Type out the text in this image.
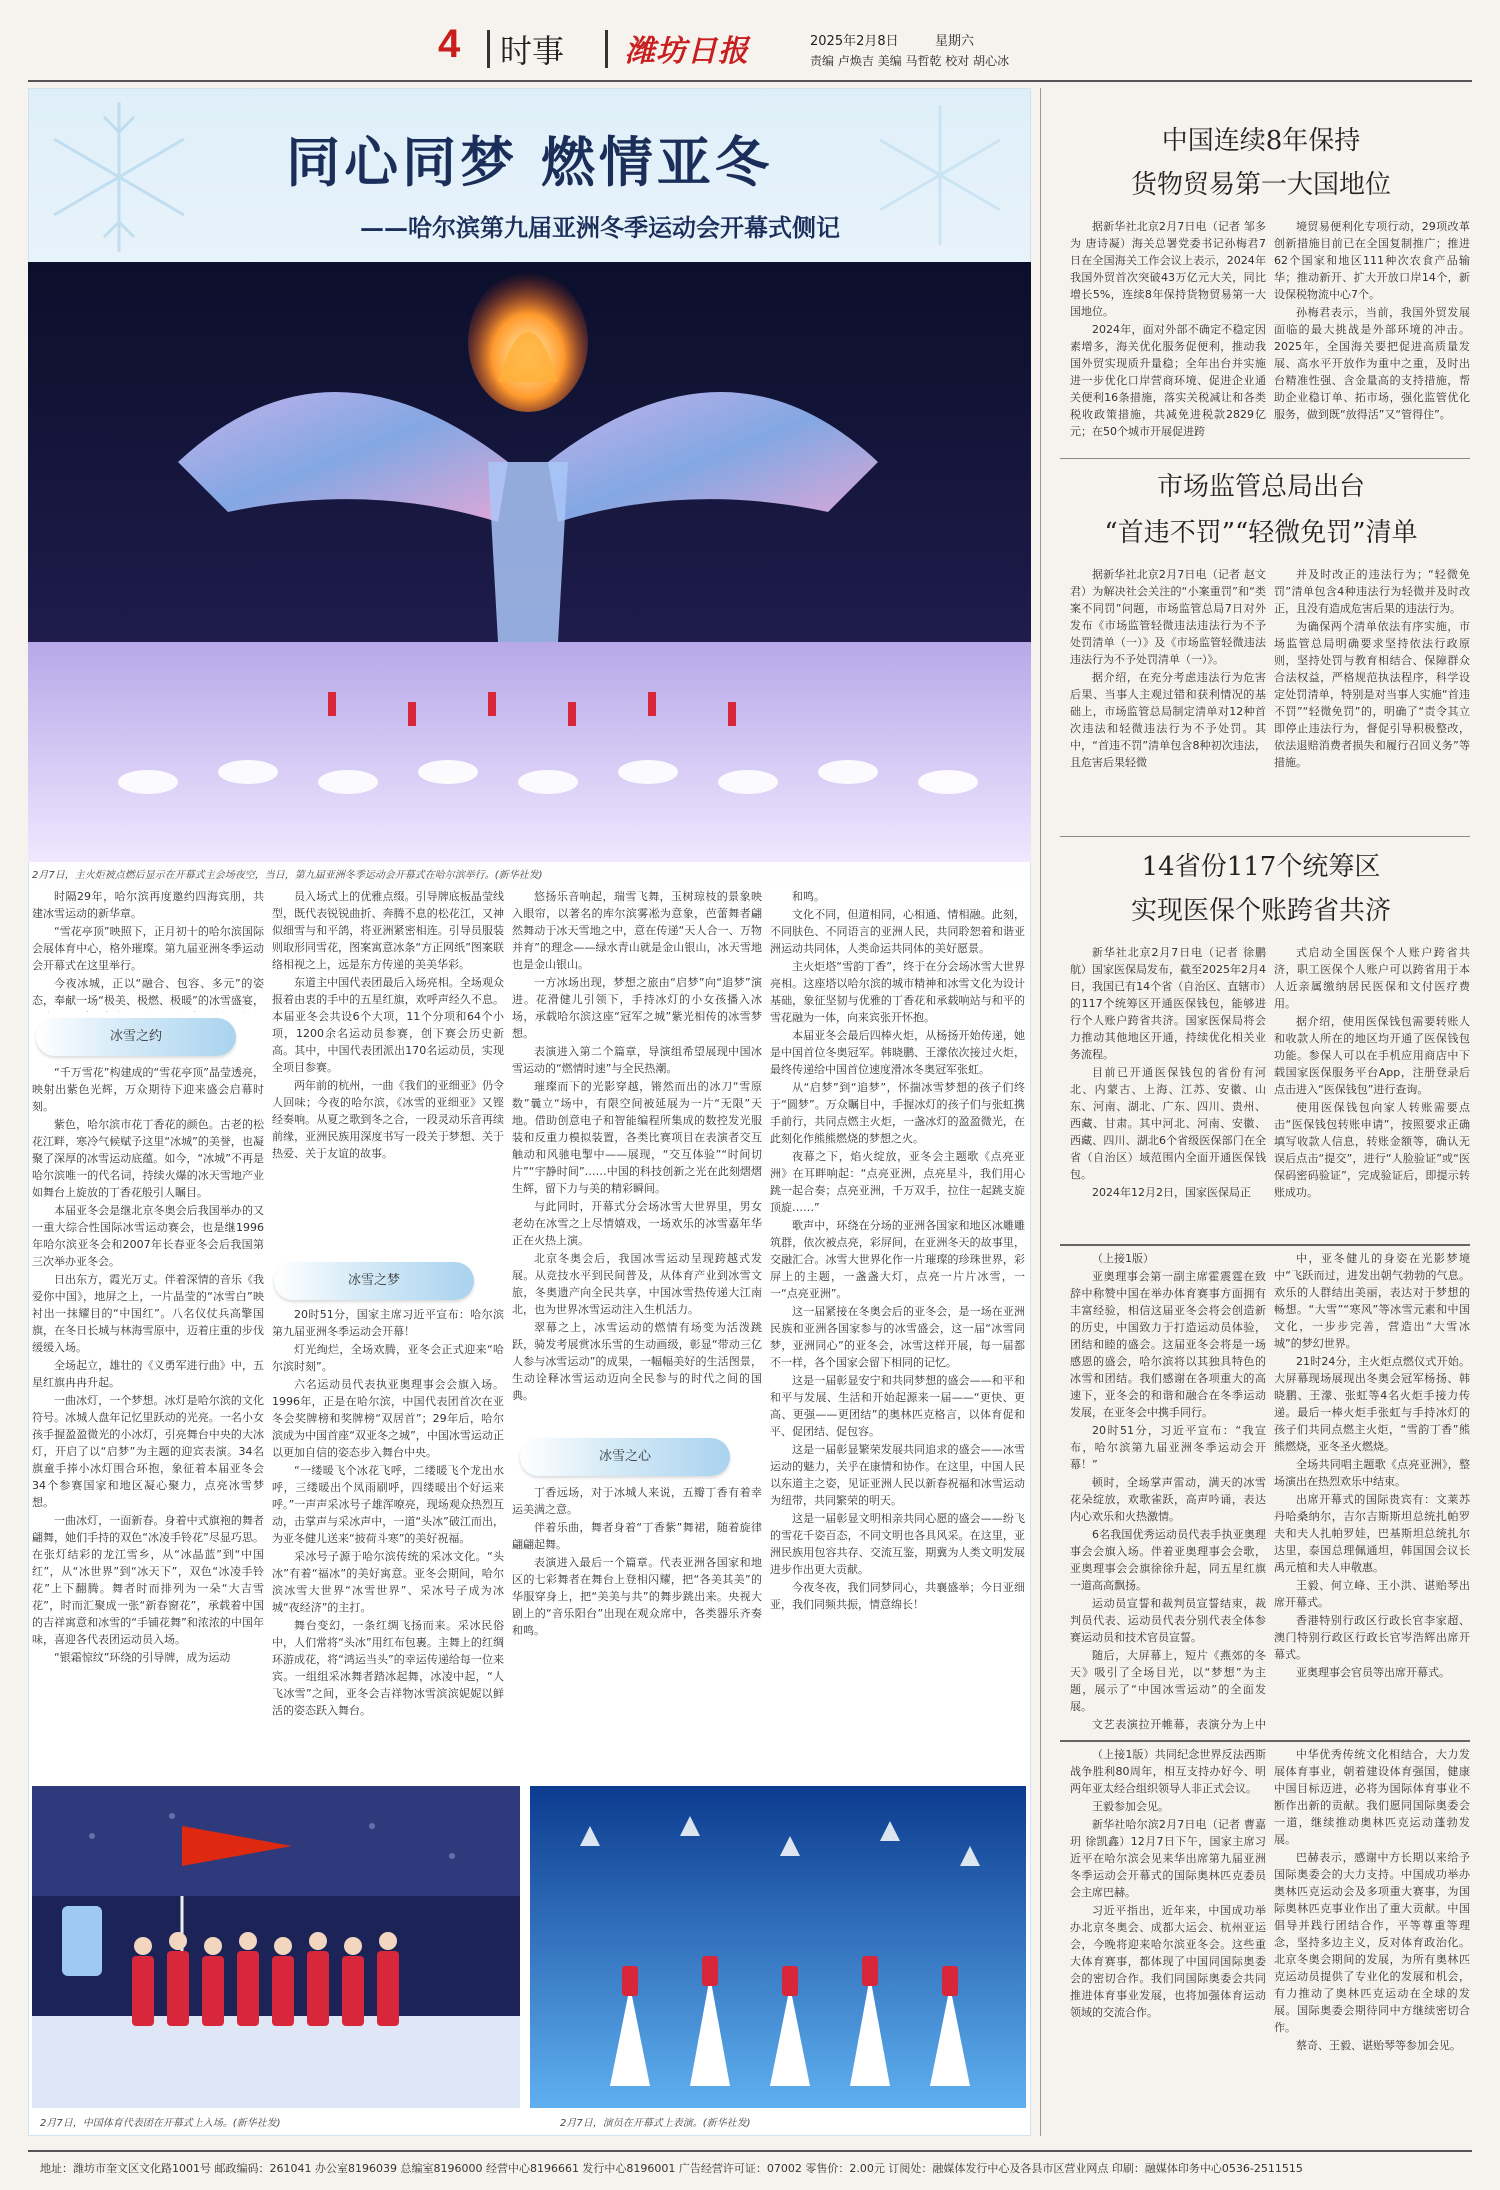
4 时事 潍坊日报	2025年2月8日	星期六
责编 卢焕吉 美编 马哲乾 校对 胡心冰
同心同梦 燃情亚冬
——哈尔滨第九届亚洲冬季运动会开幕式侧记
2月7日，主火炬被点燃后显示在开幕式主会场夜空，当日，第九届亚洲冬季运动会开幕式在哈尔滨举行。(新华社发)

时隔29年，哈尔滨再度邀约四海宾朋，共建冰雪运动的新华章。

“雪花亭顶”映照下，正月初十的哈尔滨国际会展体育中心，格外璀璨。第九届亚洲冬季运动会开幕式在这里举行。

今夜冰城，正以“融合、包容、多元”的姿态，奉献一场“极美、极燃、极暖”的冰雪盛宴，

冰雪之约

“千万雪花”构建成的“雪花亭顶”晶莹透亮，映射出紫色光辉，万众期待下迎来盛会启幕时刻。

紫色，哈尔滨市花丁香花的颜色。古老的松花江畔，寒冷气候赋予这里“冰城”的美誉，也凝聚了深厚的冰雪运动底蕴。如今，“冰城”不再是哈尔滨唯一的代名词，持续火爆的冰天雪地产业如舞台上旋放的丁香花般引人瞩目。

本届亚冬会是继北京冬奥会后我国举办的又一重大综合性国际冰雪运动赛会，也是继1996年哈尔滨亚冬会和2007年长春亚冬会后我国第三次举办亚冬会。

日出东方，霞光万丈。伴着深情的音乐《我爱你中国》，地屏之上，一片晶莹的“冰雪白”映衬出一抹耀目的“中国红”。八名仪仗兵高擎国旗，在冬日长城与林海雪原中，迈着庄重的步伐缓缓入场。

全场起立，雄壮的《义勇军进行曲》中，五星红旗冉冉升起。

一曲冰灯，一个梦想。冰灯是哈尔滨的文化符号。冰城人盘年记忆里跃动的光亮。一名小女孩手握盈盈微光的小冰灯，引亮舞台中央的大冰灯，开启了以“启梦”为主题的迎宾表演。34名旗童手捧小冰灯围合环抱，象征着本届亚冬会34个参赛国家和地区凝心聚力，点亮冰雪梦想。

一曲冰灯，一面新春。身着中式旗袍的舞者翩舞，她们手持的双色“冰凌手铃花”尽显巧思。在张灯结彩的龙江雪乡，从“冰晶蓝”到“中国红”，从“冰世界”到“冰天下”，双色“冰凌手铃花”上下翻腾。舞者时而排列为一朵“大吉雪花”，时而汇聚成一张“新春窗花”，承载着中国的吉祥寓意和冰雪的“手铺花舞”和浓浓的中国年味，喜迎各代表团运动员入场。

“银霜惊纹”环绕的引导牌，成为运动

员入场式上的优雅点缀。引导牌底板晶莹线型，既代表锐锐曲折、奔腾不息的松花江，又神似细雪与和平鸽，将亚洲紧密相连。引导员服装则取形同雪花，图案寓意冰条“方正网纸”图案联络相视之上，远是东方传递的美美华彩。

东道主中国代表团最后入场亮相。全场观众报着由衷的手中的五星红旗，欢呼声经久不息。本届亚冬会共设6个大项，11个分项和64个小项，1200余名运动员参赛，创下赛会历史新高。其中，中国代表团派出170名运动员，实现全项目参赛。

两年前的杭州，一曲《我们的亚细亚》仍令人回味；今夜的哈尔滨，《冰雪的亚细亚》又铿经奏响。从夏之歌到冬之合，一段灵动乐音再续前缘，亚洲民族用深度书写一段关于梦想、关于热爱、关于友谊的故事。

冰雪之梦

20时51分，国家主席习近平宣布：哈尔滨第九届亚洲冬季运动会开幕！

灯光绚烂，全场欢腾，亚冬会正式迎来“哈尔滨时刻”。

六名运动员代表执亚奥理事会会旗入场。1996年，正是在哈尔滨，中国代表团首次在亚冬会奖牌榜和奖牌榜“双居首”；29年后，哈尔滨成为中国首座“双亚冬之城”，中国冰雪运动正以更加自信的姿态步入舞台中央。

“一缕暖飞个冰花飞呼，二缕暖飞个龙出水呼，三缕暖出个凤雨刷呼，四缕暖出个好运来呼。”一声声采冰号子雄浑嘹亮，现场观众热烈互动，击掌声与采冰声中，一道“头冰”破江而出，为亚冬健儿送来“披荷斗寒”的美好祝福。

采冰号子源于哈尔滨传统的采冰文化。“头冰”有着“福冰”的美好寓意。亚冬会期间，哈尔滨冰雪大世界“冰雪世界”、采冰号子成为冰城“夜经济”的主打。

舞台变幻，一条红绸飞扬而来。采冰民俗中，人们常将“头冰”用红布包裹。主舞上的红绸环游成花，将“鸿运当头”的幸运传递给每一位来宾。一组组采冰舞者踏冰起舞，冰凌中起，“人飞冰雪”之间，亚冬会吉祥物冰雪滨滨妮妮以鲜活的姿态跃入舞台。

悠扬乐音响起，瑞雪飞舞，玉树琼枝的景象映入眼帘，以著名的库尔滨雾凇为意象，芭蕾舞者翩然舞动于冰天雪地之中，意在传递“天人合一、万物并育”的理念——绿水青山就是金山银山，冰天雪地也是金山银山。

一方冰场出现，梦想之旅由“启梦”向“追梦”演进。花滑健儿引领下，手持冰灯的小女孩播入冰场，承载哈尔滨这座“冠军之城”紫光相传的冰雪梦想。

表演进入第二个篇章，导演组希望展现中国冰雪运动的“燃情时速”与全民热潮。

璀璨而下的光影穿越，锵然而出的冰刀“雪原数”曩立“场中，有限空间被延展为一片“无限”天地。借助创意电子和智能编程所集成的数控发光服装和反重力模拟装置，各类比赛项目在表演者交互触动和风驰电掣中——展现，“交互体验”“时间切片”“宇静时间”……中国的科技创新之光在此刻熠熠生辉，留下力与美的精彩瞬间。

与此同时，开幕式分会场冰雪大世界里，男女老幼在冰雪之上尽情嬉戏，一场欢乐的冰雪嘉年华正在火热上演。

北京冬奥会后，我国冰雪运动呈现跨越式发展。从竞技水平到民间普及，从体育产业到冰雪文旅，冬奥遗产向全民共享，中国冰雪热传递大江南北，也为世界冰雪运动注入生机活力。

翠幕之上，冰雪运动的燃情有场变为活泼跳跃，骑发考展赏冰乐雪的生动画级，彰显“带动三亿人参与冰雪运动”的成果，一幅幅美好的生活图景，生动诠释冰雪运动迈向全民参与的时代之间的国典。

冰雪之心

丁香远场，对于冰城人来说，五瓣丁香有着幸运美满之意。

伴着乐曲，舞者身着“丁香紫”舞裙，随着旋律翩翩起舞。

表演进入最后一个篇章。代表亚洲各国家和地区的七彩舞者在舞台上登相闪耀，把“各美其美”的华服穿身上，把“美美与共”的舞步跳出来。央视大剧上的“音乐阳台”出现在观众席中，各类器乐齐奏和鸣。

和鸣。

文化不同，但道相同，心相通、情相融。此刻，不同肤色、不同语言的亚洲人民，共同聆恕着和谐亚洲运动共同体，人类命运共同体的美好愿景。

主火炬塔“雪韵丁香”，终于在分会场冰雪大世界亮相。这座塔以哈尔滨的城市精神和冰雪文化为设计基础，象征坚韧与优雅的丁香花和承载响站与和平的雪花融为一体，向来宾张开怀抱。

本届亚冬会最后四棒火炬，从杨扬开始传递，她是中国首位冬奥冠军。韩晓鹏、王濛依次接过火炬，最终传递给中国首位速度滑冰冬奥冠军张虹。

从“启梦”到“追梦”，怀揣冰雪梦想的孩子们终于“圆梦”。万众瞩目中，手握冰灯的孩子们与张虹携手前行，共同点燃主火炬，一盏冰灯的盈盈微光，在此刻化作熊熊燃烧的梦想之火。

夜幕之下，焰火绽放，亚冬会主题歌《点亮亚洲》在耳畔响起：“点亮亚洲，点亮星斗，我们用心跳一起合奏；点亮亚洲，千万双手，拉住一起跳支旋顶旋……”

歌声中，环绕在分场的亚洲各国家和地区冰雕雕筑群，依次被点亮，彩屏间，在亚洲冬天的故事里，交融汇合。冰雪大世界化作一片璀璨的珍珠世界，彩屏上的主题，一盏盏大灯，点亮一片片冰雪，一一“点亮亚洲”。

这一届紧接在冬奥会后的亚冬会，是一场在亚洲民族和亚洲各国家参与的冰雪盛会，这一届“冰雪同梦，亚洲同心”的亚冬会，冰雪这样开展，每一届都不一样，各个国家会留下相同的记忆。

这是一届彰显安宁和共同梦想的盛会——和平和和平与发展、生活和开始起源来一届——“更快、更高、更强——更团结”的奥林匹克格言，以体育促和平、促团结、促包容。

这是一届彰显繁荣发展共同追求的盛会——冰雪运动的魅力，关乎在康情和协作。在这里，中国人民以东道主之姿，见证亚洲人民以新春祝福和冰雪运动为纽带，共同繁荣的明天。

这是一届彰显文明相亲共同心愿的盛会——纷飞的雪花千姿百态，不同文明也各具风采。在这里，亚洲民族用包容共存、交流互鉴，期冀为人类文明发展进步作出更大贡献。

今夜冬夜，我们同梦同心，共襄盛举；今日亚细亚，我们同频共振，情意绵长！

2月7日，中国体育代表团在开幕式上入场。(新华社发)	2月7日，演员在开幕式上表演。(新华社发)
中国连续8年保持
货物贸易第一大国地位

据新华社北京2月7日电（记者 邹多为 唐诗凝）海关总署党委书记孙梅君7日在全国海关工作会议上表示，2024年我国外贸首次突破43万亿元大关，同比增长5%，连续8年保持货物贸易第一大国地位。

2024年，面对外部不确定不稳定因素增多，海关优化服务促便利，推动我国外贸实现质升量稳；全年出台并实施进一步优化口岸营商环境、促进企业通关便利16条措施，落实关税减让和各类税收政策措施，共减免进税款2829亿元；在50个城市开展促进跨

境贸易便利化专项行动，29项改革创新措施目前已在全国复制推广；推进62个国家和地区111种次农食产品输华；推动新开、扩大开放口岸14个，新设保税物流中心7个。

孙梅君表示，当前，我国外贸发展面临的最大挑战是外部环境的冲击。2025年，全国海关要把促进高质量发展、高水平开放作为重中之重，及时出台精准性强、含金量高的支持措施，帮助企业稳订单、拓市场，强化监管优化服务，做到既“放得活”又“管得住”。

市场监管总局出台
“首违不罚”“轻微免罚”清单

据新华社北京2月7日电（记者 赵文君）为解决社会关注的“小案重罚”和“类案不同罚”问题，市场监管总局7日对外发布《市场监管轻微违法违法行为不予处罚清单（一）》及《市场监管轻微违法违法行为不予处罚清单（一）》。

据介绍，在充分考虑违法行为危害后果、当事人主观过错和获利情况的基础上，市场监管总局制定清单对12种首次违法和轻微违法行为不予处罚。其中，“首违不罚”清单包含8种初次违法，且危害后果轻微

并及时改正的违法行为；“轻微免罚”清单包含4种违法行为轻微并及时改正，且没有造成危害后果的违法行为。

为确保两个清单依法有序实施，市场监管总局明确要求坚持依法行政原则，坚持处罚与教育相结合、保障群众合法权益，严格规范执法程序，科学设定处罚清单，特别是对当事人实施“首违不罚”“轻微免罚”的，明确了“责令其立即停止违法行为，督促引导积极整改，依法退赔消费者损失和履行召回义务”等措施。

14省份117个统筹区
实现医保个账跨省共济

新华社北京2月7日电（记者 徐鹏航）国家医保局发布，截至2025年2月4日，我国已有14个省（自治区、直辖市）的117个统筹区开通医保钱包，能够进行个人账户跨省共济。国家医保局将会力推动其他地区开通，持续优化相关业务流程。

目前已开通医保钱包的省份有河北、内蒙古、上海、江苏、安徽、山东、河南、湖北、广东、四川、贵州、西藏、甘肃。其中河北、河南、安徽、西藏、四川、湖北6个省级医保部门在全省（自治区）域范围内全面开通医保钱包。

2024年12月2日，国家医保局正

式启动全国医保个人账户跨省共济，职工医保个人账户可以跨省用于本人近亲属缴纳居民医保和文付医疗费用。

据介绍，使用医保钱包需要转账人和收款人所在的地区均开通了医保钱包功能。参保人可以在手机应用商店中下载国家医保服务平台App，注册登录后点击进入“医保钱包”进行查询。

使用医保钱包向家人转账需要点击“医保钱包转账申请”，按照要求正确填写收款人信息，转账金额等，确认无误后点击“提交”，进行“人脸验证”或“医保码密码验证”，完成验证后，即提示转账成功。

（上接1版）

亚奥理事会第一副主席霍震霆在致辞中称赞中国在举办体育赛事方面拥有丰富经验，相信这届亚冬会将会创造新的历史，中国致力于打造运动员体验，团结和睦的盛会。这届亚冬会将是一场感恩的盛会，哈尔滨将以其独具特色的冰雪和团结。我们感谢在各项重大的高速下，亚冬会的和谐和融合在冬季运动发展，在亚冬会中携手同行。

20时51分，习近平宣布：“我宣布，哈尔滨第九届亚洲冬季运动会开幕！”

顿时，全场掌声雷动，满天的冰雪花朵绽放，欢歌雀跃，高声吟诵，表达内心欢乐和火热激情。

6名我国优秀运动员代表手执亚奥理事会会旗入场。伴着亚奥理事会会歌，亚奥理事会会旗徐徐升起，同五星红旗一道高高飘扬。

运动员宣誓和裁判员宣誓结束，裁判员代表、运动员代表分别代表全体参赛运动员和技术官员宣誓。

随后，大屏幕上，短片《燕郊的冬天》吸引了全场目光，以“梦想”为主题，展示了“中国冰雪运动”的全面发展。

文艺表演拉开帷幕，表演分为上中

中，亚冬健儿的身姿在光影梦境中“飞跃而过，进发出朝气勃勃的气息。欢乐的人群结出美丽，表达对于梦想的畅想。“大雪”“寒风”等冰雪元素和中国文化，一步步完善，营造出“大雪冰城”的梦幻世界。

21时24分，主火炬点燃仪式开始。大屏幕现场展现出冬奥会冠军杨扬、韩晓鹏、王濛、张虹等4名火炬手接力传递。最后一棒火炬手张虹与手持冰灯的孩子们共同点燃主火炬，“雪韵丁香”熊熊燃烧，亚冬圣火燃烧。

全场共同唱主题歌《点亮亚洲》，整场演出在热烈欢乐中结束。

出席开幕式的国际贵宾有：文莱苏丹哈桑纳尔，吉尔吉斯斯坦总统扎帕罗夫和夫人扎帕罗娃，巴基斯坦总统扎尔达里，泰国总理佩通坦，韩国国会议长禹元植和夫人申敬惠。

王毅、何立峰、王小洪、谌贻琴出席开幕式。

香港特别行政区行政长官李家超、澳门特别行政区行政长官岑浩辉出席开幕式。

亚奥理事会官员等出席开幕式。

（上接1版）共同纪念世界反法西斯战争胜利80周年，相互支持办好今、明两年亚太经合组织领导人非正式会议。

王毅参加会见。

新华社哈尔滨2月7日电（记者 曹嘉玥 徐凯鑫）12月7日下午，国家主席习近平在哈尔滨会见来华出席第九届亚洲冬季运动会开幕式的国际奥林匹克委员会主席巴赫。

习近平指出，近年来，中国成功举办北京冬奥会、成都大运会、杭州亚运会，今晚将迎来哈尔滨亚冬会。这些重大体育赛事，都体现了中国同国际奥委会的密切合作。我们同国际奥委会共同推进体育事业发展，也将加强体育运动领域的交流合作。

中华优秀传统文化相结合，大力发展体育事业，朝着建设体育强国，健康中国目标迈进，必将为国际体育事业不断作出新的贡献。我们愿同国际奥委会一道，继续推动奥林匹克运动蓬勃发展。

巴赫表示，感谢中方长期以来给予国际奥委会的大力支持。中国成功举办奥林匹克运动会及多项重大赛事，为国际奥林匹克事业作出了重大贡献。中国倡导并践行团结合作，平等尊重等理念，坚持多边主义，反对体育政治化。北京冬奥会期间的发展，为所有奥林匹克运动员提供了专业化的发展和机会，有力推动了奥林匹克运动在全球的发展。国际奥委会期待同中方继续密切合作。

蔡奇、王毅、谌贻琴等参加会见。

地址：潍坊市奎文区文化路1001号 邮政编码：261041 办公室8196039 总编室8196000 经营中心8196661 发行中心8196001 广告经营许可证：07002 零售价：2.00元 订阅处：融媒体发行中心及各县市区营业网点 印刷：融媒体印务中心0536-2511515
